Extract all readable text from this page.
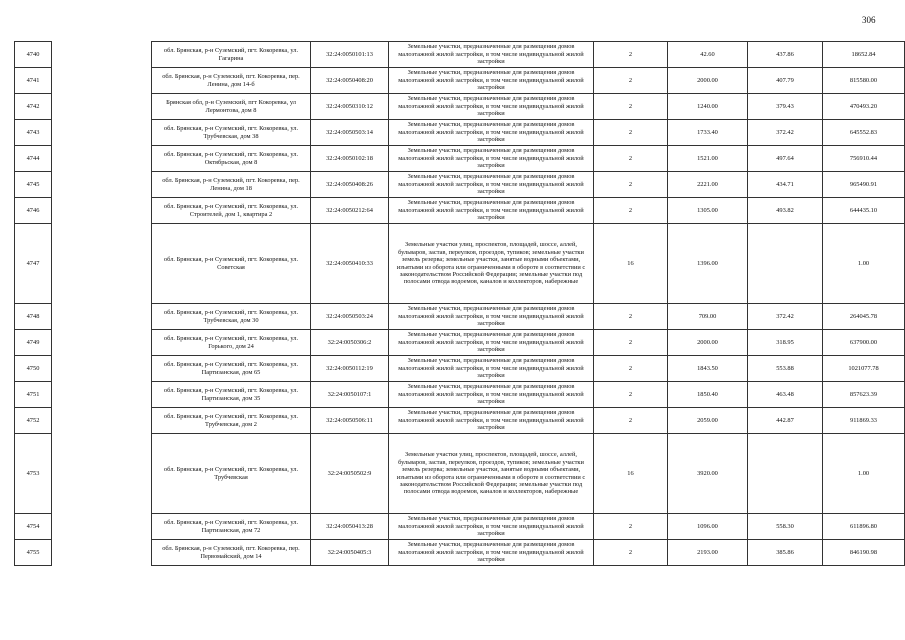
306
4740		обл. Брянская, р-н Суземский, пгт. Кокоревка, ул. Гагарина	32:24:0050101:13	Земельные участки, предназначенные для размещения домов малоэтажной жилой застройки, в том числе индивидуальной жилой застройки	2	42.60	437.86	18652.84
4741		обл. Брянская, р-н Суземский, пгт. Кокоревка, пер. Ленина, дом 14-б	32:24:0050408:20	Земельные участки, предназначенные для размещения домов малоэтажной жилой застройки, в том числе индивидуальной жилой застройки	2	2000.00	407.79	815580.00
4742		Брянская обл, р-н Суземский, пгт Кокоревка, ул Лермонтова, дом 8	32:24:0050310:12	Земельные участки, предназначенные для размещения домов малоэтажной жилой застройки, в том числе индивидуальной жилой застройки	2	1240.00	379.43	470493.20
4743		обл. Брянская, р-н Суземский, пгт. Кокоревка, ул. Трубчевская, дом 38	32:24:0050503:14	Земельные участки, предназначенные для размещения домов малоэтажной жилой застройки, в том числе индивидуальной жилой застройки	2	1733.40	372.42	645552.83
4744		обл. Брянская, р-н Суземский, пгт. Кокоревка, ул. Октябрьская, дом 8	32:24:0050102:18	Земельные участки, предназначенные для размещения домов малоэтажной жилой застройки, в том числе индивидуальной жилой застройки	2	1521.00	497.64	756910.44
4745		обл. Брянская, р-н Суземский, пгт. Кокоревка, пер. Ленина, дом 18	32:24:0050408:26	Земельные участки, предназначенные для размещения домов малоэтажной жилой застройки, в том числе индивидуальной жилой застройки	2	2221.00	434.71	965490.91
4746		обл. Брянская, р-н Суземский, пгт. Кокоревка, ул. Строителей, дом 1, квартира 2	32:24:0050212:64	Земельные участки, предназначенные для размещения домов малоэтажной жилой застройки, в том числе индивидуальной жилой застройки	2	1305.00	493.82	644435.10
4747		обл. Брянская, р-н Суземский, пгт. Кокоревка, ул. Советская	32:24:0050410:33	Земельные участки улиц, проспектов, площадей, шоссе, аллей, бульваров, застав, переулков, проездов, тупиков; земельные участки земель резерва; земельные участки, занятые водными объектами, изъятыми из оборота или ограниченными в обороте в соответствии с законодательством Российской Федерации; земельные участки под полосами отвода водоемов, каналов и коллекторов, набережные	16	1396.00		1.00
4748		обл. Брянская, р-н Суземский, пгт. Кокоревка, ул. Трубчевская, дом 30	32:24:0050503:24	Земельные участки, предназначенные для размещения домов малоэтажной жилой застройки, в том числе индивидуальной жилой застройки	2	709.00	372.42	264045.78
4749		обл. Брянская, р-н Суземский, пгт. Кокоревка, ул. Горького, дом 24	32:24:0050306:2	Земельные участки, предназначенные для размещения домов малоэтажной жилой застройки, в том числе индивидуальной жилой застройки	2	2000.00	318.95	637900.00
4750		обл. Брянская, р-н Суземский, пгт. Кокоревка, ул. Партизанская, дом 65	32:24:0050112:19	Земельные участки, предназначенные для размещения домов малоэтажной жилой застройки, в том числе индивидуальной жилой застройки	2	1843.50	553.88	1021077.78
4751		обл. Брянская, р-н Суземский, пгт. Кокоревка, ул. Партизанская, дом 35	32:24:0050107:1	Земельные участки, предназначенные для размещения домов малоэтажной жилой застройки, в том числе индивидуальной жилой застройки	2	1850.40	463.48	857623.39
4752		обл. Брянская, р-н Суземский, пгт. Кокоревка, ул. Трубчевская, дом 2	32:24:0050506:11	Земельные участки, предназначенные для размещения домов малоэтажной жилой застройки, в том числе индивидуальной жилой застройки	2	2059.00	442.87	911869.33
4753		обл. Брянская, р-н Суземский, пгт. Кокоревка, ул. Трубчевская	32:24:0050502:9	Земельные участки улиц, проспектов, площадей, шоссе, аллей, бульваров, застав, переулков, проездов, тупиков; земельные участки земель резерва; земельные участки, занятые водными объектами, изъятыми из оборота или ограниченными в обороте в соответствии с законодательством Российской Федерации; земельные участки под полосами отвода водоемов, каналов и коллекторов, набережные	16	3920.00		1.00
4754		обл. Брянская, р-н Суземский, пгт. Кокоревка, ул. Партизанская, дом 72	32:24:0050413:28	Земельные участки, предназначенные для размещения домов малоэтажной жилой застройки, в том числе индивидуальной жилой застройки	2	1096.00	558.30	611896.80
4755		обл. Брянская, р-н Суземский, пгт. Кокоревка, пер. Первомайский, дом 14	32:24:0050405:3	Земельные участки, предназначенные для размещения домов малоэтажной жилой застройки, в том числе индивидуальной жилой застройки	2	2193.00	385.86	846190.98
